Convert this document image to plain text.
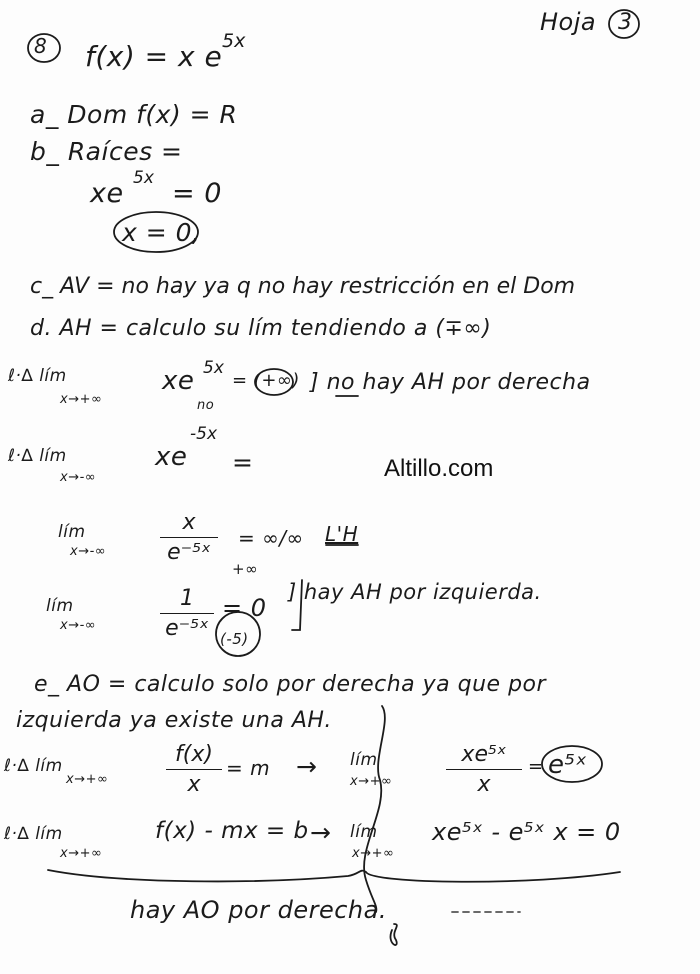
Hoja 3
8 f(x) = x e 5x
a_ Dom f(x) = R
b_ Raíces =
xe 5x = 0
x = 0,
c_ AV = no hay ya q no hay restricción en el Dom
d. AH = calculo su lím tendiendo a (∓∞)
ℓ·∆ lím
x→+∞
xe 5x
= (+∞) ] no hay AH por derecha
no
ℓ·∆ lím
x→-∞
xe
-5x
=	Altillo.com
lím
x→-∞
x
e⁻⁵ˣ
= ∞/∞ L'H
lím
x→-∞
1
e⁻⁵ˣ (-5)
+∞
= 0
] hay AH por izquierda.
e_ AO = calculo solo por derecha ya que por
izquierda ya existe una AH.
ℓ·∆ lím
x→+∞
f(x)
x
= m → lím
x→+∞
xe⁵ˣ
x
= e⁵ˣ
ℓ·∆ lím
x→+∞
f(x) - mx = b → lím
x→+∞
xe⁵ˣ - e⁵ˣ x = 0
hay AO por derecha.
